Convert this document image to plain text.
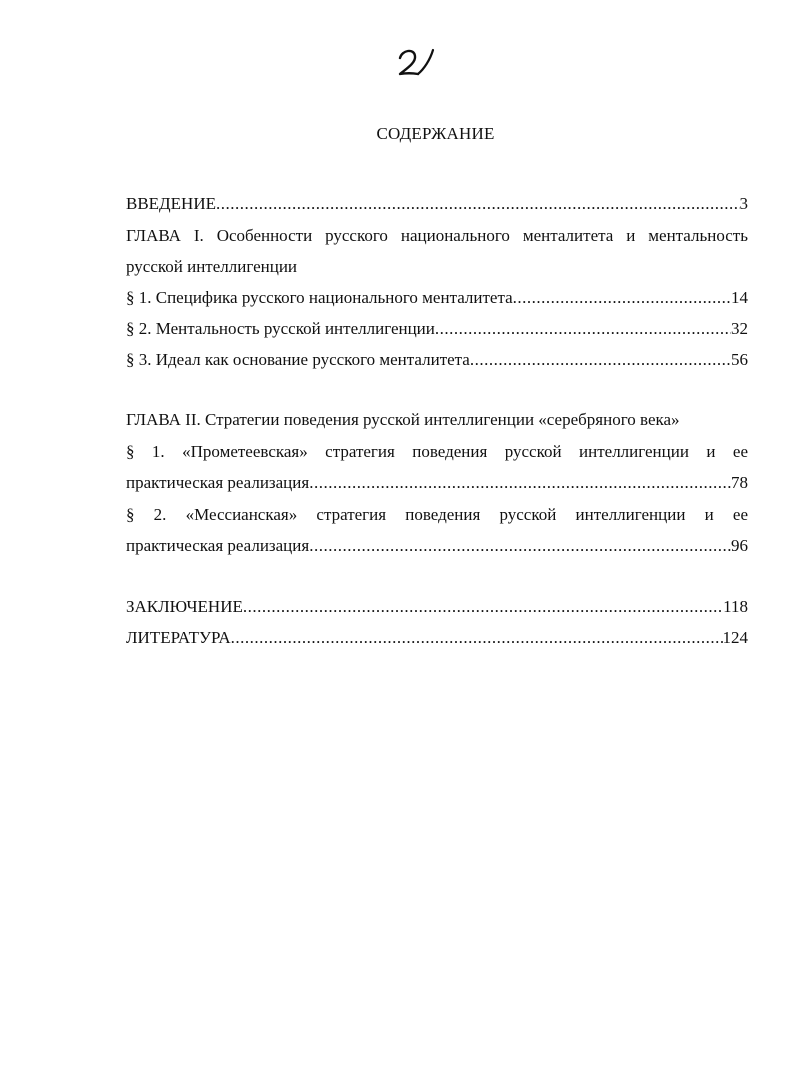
СОДЕРЖАНИЕ
ВВЕДЕНИЕ .....	3
ГЛАВА I. Особенности русского национального менталитета и ментальность
русской интеллигенции
§ 1. Специфика русского национального менталитета .....	14
§ 2. Ментальность русской интеллигенции .....	32
§ 3. Идеал как основание русского менталитета .....	56
ГЛАВА II. Стратегии поведения русской интеллигенции «серебряного века»
§ 1. «Прометеевская» стратегия поведения русской интеллигенции и ее
практическая реализация .....	78
§ 2. «Мессианская» стратегия поведения русской интеллигенции и ее
практическая реализация .....	96
ЗАКЛЮЧЕНИЕ .....	118
ЛИТЕРАТУРА .....	124
